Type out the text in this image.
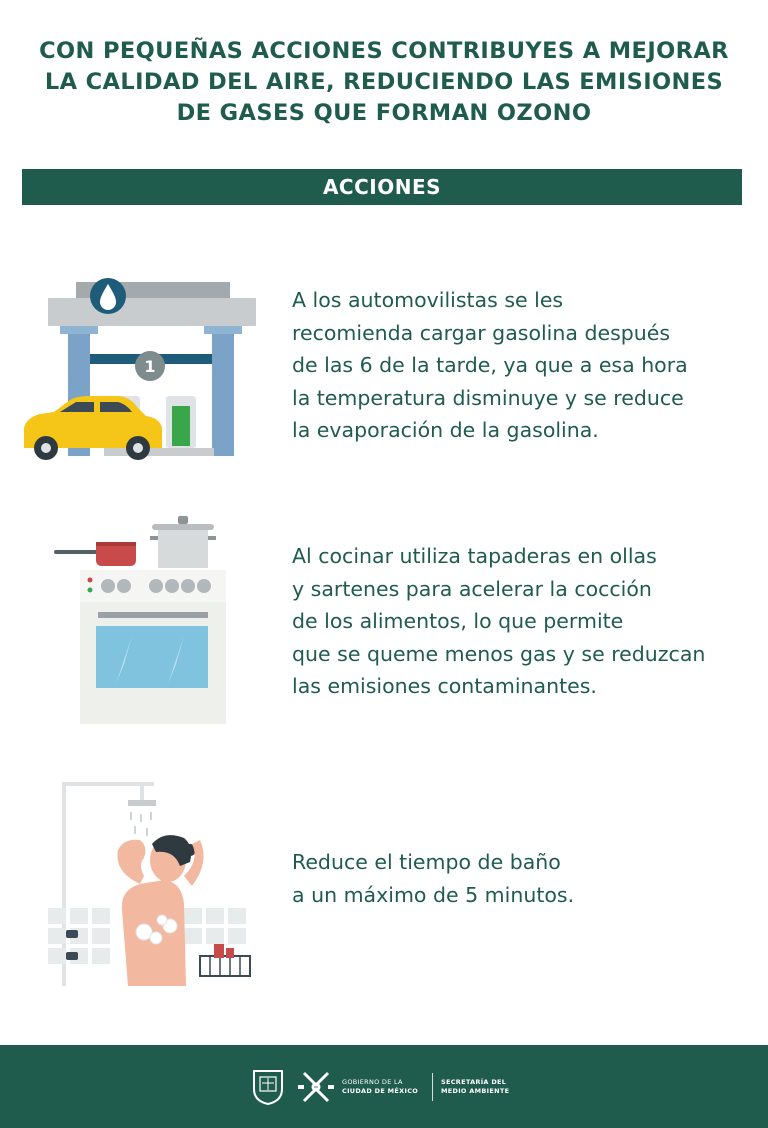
CON PEQUEÑAS ACCIONES CONTRIBUYES A MEJORAR
LA CALIDAD DEL AIRE, REDUCIENDO LAS EMISIONES
DE GASES QUE FORMAN OZONO
ACCIONES
1

A los automovilistas se les
recomienda cargar gasolina después
de las 6 de la tarde, ya que a esa hora
la temperatura disminuye y se reduce
la evaporación de la gasolina.

Al cocinar utiliza tapaderas en ollas
y sartenes para acelerar la cocción
de los alimentos, lo que permite
que se queme menos gas y se reduzcan
las emisiones contaminantes.

Reduce el tiempo de baño
a un máximo de 5 minutos.

GOBIERNO DE LA
CIUDAD DE MÉXICO
SECRETARÍA DEL
MEDIO AMBIENTE
